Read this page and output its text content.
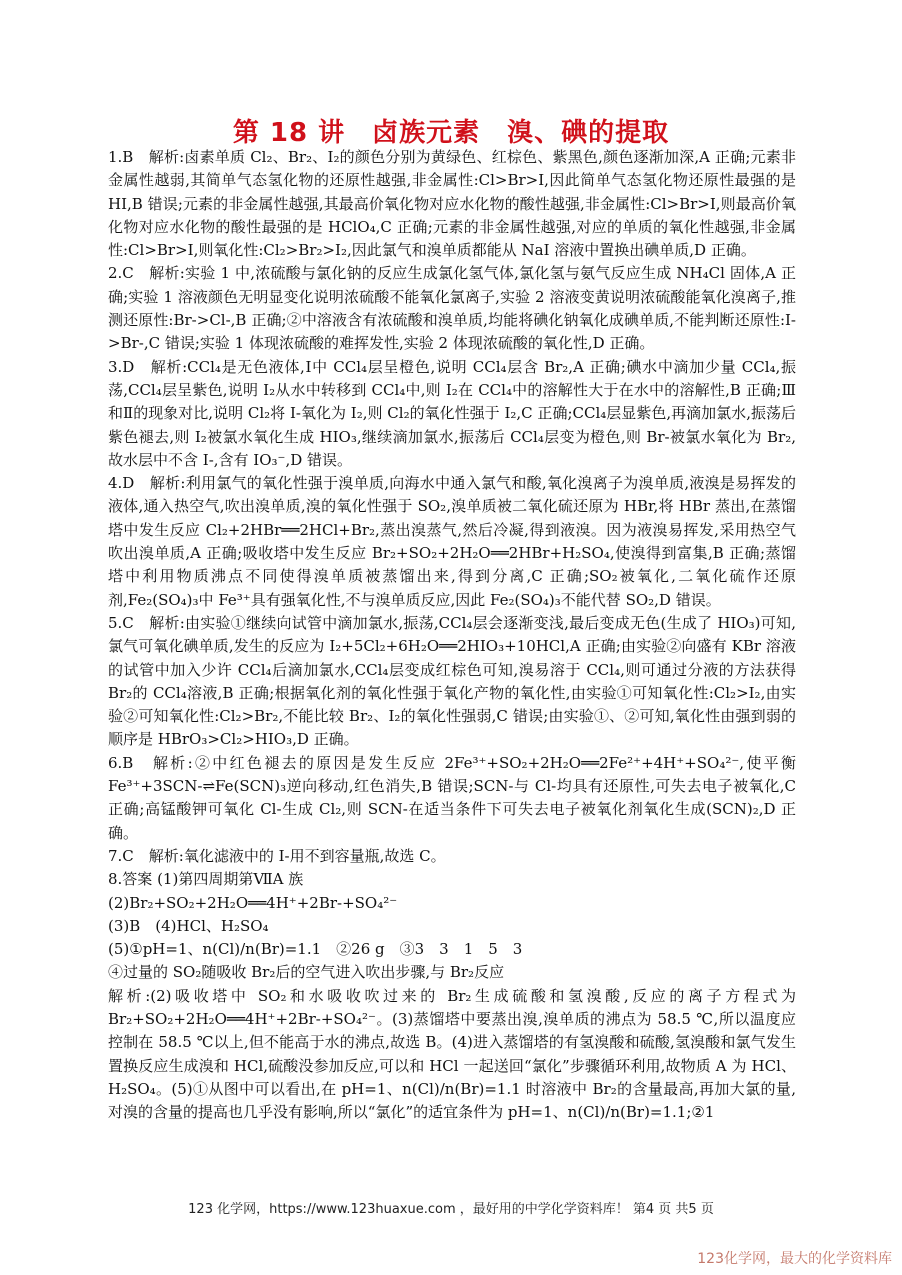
第 18 讲　卤族元素　溴、碘的提取

1.B　解析:卤素单质 Cl₂、Br₂、I₂的颜色分别为黄绿色、红棕色、紫黑色,颜色逐渐加深,A 正确;元素非金属性越弱,其简单气态氢化物的还原性越强,非金属性:Cl>Br>I,因此简单气态氢化物还原性最强的是 HI,B 错误;元素的非金属性越强,其最高价氧化物对应水化物的酸性越强,非金属性:Cl>Br>I,则最高价氧化物对应水化物的酸性最强的是 HClO₄,C 正确;元素的非金属性越强,对应的单质的氧化性越强,非金属性:Cl>Br>I,则氧化性:Cl₂>Br₂>I₂,因此氯气和溴单质都能从 NaI 溶液中置换出碘单质,D 正确。

2.C　解析:实验 1 中,浓硫酸与氯化钠的反应生成氯化氢气体,氯化氢与氨气反应生成 NH₄Cl 固体,A 正确;实验 1 溶液颜色无明显变化说明浓硫酸不能氧化氯离子,实验 2 溶液变黄说明浓硫酸能氧化溴离子,推测还原性:Br->Cl-,B 正确;②中溶液含有浓硫酸和溴单质,均能将碘化钠氧化成碘单质,不能判断还原性:I->Br-,C 错误;实验 1 体现浓硫酸的难挥发性,实验 2 体现浓硫酸的氧化性,D 正确。

3.D　解析:CCl₄是无色液体,Ⅰ中 CCl₄层呈橙色,说明 CCl₄层含 Br₂,A 正确;碘水中滴加少量 CCl₄,振荡,CCl₄层呈紫色,说明 I₂从水中转移到 CCl₄中,则 I₂在 CCl₄中的溶解性大于在水中的溶解性,B 正确;Ⅲ和Ⅱ的现象对比,说明 Cl₂将 I-氧化为 I₂,则 Cl₂的氧化性强于 I₂,C 正确;CCl₄层显紫色,再滴加氯水,振荡后紫色褪去,则 I₂被氯水氧化生成 HIO₃,继续滴加氯水,振荡后 CCl₄层变为橙色,则 Br-被氯水氧化为 Br₂,故水层中不含 I-,含有 IO₃⁻,D 错误。

4.D　解析:利用氯气的氧化性强于溴单质,向海水中通入氯气和酸,氧化溴离子为溴单质,液溴是易挥发的液体,通入热空气,吹出溴单质,溴的氧化性强于 SO₂,溴单质被二氧化硫还原为 HBr,将 HBr 蒸出,在蒸馏塔中发生反应 Cl₂+2HBr══2HCl+Br₂,蒸出溴蒸气,然后冷凝,得到液溴。因为液溴易挥发,采用热空气吹出溴单质,A 正确;吸收塔中发生反应 Br₂+SO₂+2H₂O══2HBr+H₂SO₄,使溴得到富集,B 正确;蒸馏塔中利用物质沸点不同使得溴单质被蒸馏出来,得到分离,C 正确;SO₂被氧化,二氧化硫作还原剂,Fe₂(SO₄)₃中 Fe³⁺具有强氧化性,不与溴单质反应,因此 Fe₂(SO₄)₃不能代替 SO₂,D 错误。

5.C　解析:由实验①继续向试管中滴加氯水,振荡,CCl₄层会逐渐变浅,最后变成无色(生成了 HIO₃)可知,氯气可氧化碘单质,发生的反应为 I₂+5Cl₂+6H₂O══2HIO₃+10HCl,A 正确;由实验②向盛有 KBr 溶液的试管中加入少许 CCl₄后滴加氯水,CCl₄层变成红棕色可知,溴易溶于 CCl₄,则可通过分液的方法获得 Br₂的 CCl₄溶液,B 正确;根据氧化剂的氧化性强于氧化产物的氧化性,由实验①可知氧化性:Cl₂>I₂,由实验②可知氧化性:Cl₂>Br₂,不能比较 Br₂、I₂的氧化性强弱,C 错误;由实验①、②可知,氧化性由强到弱的顺序是 HBrO₃>Cl₂>HIO₃,D 正确。

6.B　解析:②中红色褪去的原因是发生反应 2Fe³⁺+SO₂+2H₂O══2Fe²⁺+4H⁺+SO₄²⁻,使平衡 Fe³⁺+3SCN-⇌Fe(SCN)₃逆向移动,红色消失,B 错误;SCN-与 Cl-均具有还原性,可失去电子被氧化,C 正确;高锰酸钾可氧化 Cl-生成 Cl₂,则 SCN-在适当条件下可失去电子被氧化剂氧化生成(SCN)₂,D 正确。

7.C　解析:氧化滤液中的 I-用不到容量瓶,故选 C。

8.答案 (1)第四周期第ⅦA 族

(2)Br₂+SO₂+2H₂O══4H⁺+2Br-+SO₄²⁻

(3)B　(4)HCl、H₂SO₄

(5)①pH=1、n(Cl)/n(Br)=1.1　②26 g　③3　3　1　5　3

④过量的 SO₂随吸收 Br₂后的空气进入吹出步骤,与 Br₂反应

解析:(2)吸收塔中 SO₂和水吸收吹过来的 Br₂生成硫酸和氢溴酸,反应的离子方程式为 Br₂+SO₂+2H₂O══4H⁺+2Br-+SO₄²⁻。(3)蒸馏塔中要蒸出溴,溴单质的沸点为 58.5 ℃,所以温度应控制在 58.5 ℃以上,但不能高于水的沸点,故选 B。(4)进入蒸馏塔的有氢溴酸和硫酸,氢溴酸和氯气发生置换反应生成溴和 HCl,硫酸没参加反应,可以和 HCl 一起送回“氯化”步骤循环利用,故物质 A 为 HCl、H₂SO₄。(5)①从图中可以看出,在 pH=1、n(Cl)/n(Br)=1.1 时溶液中 Br₂的含量最高,再加大氯的量,对溴的含量的提高也几乎没有影响,所以“氯化”的适宜条件为 pH=1、n(Cl)/n(Br)=1.1;②1

123 化学网，https://www.123huaxue.com ，最好用的中学化学资料库！ 第4 页 共5 页
123化学网，最大的化学资料库
